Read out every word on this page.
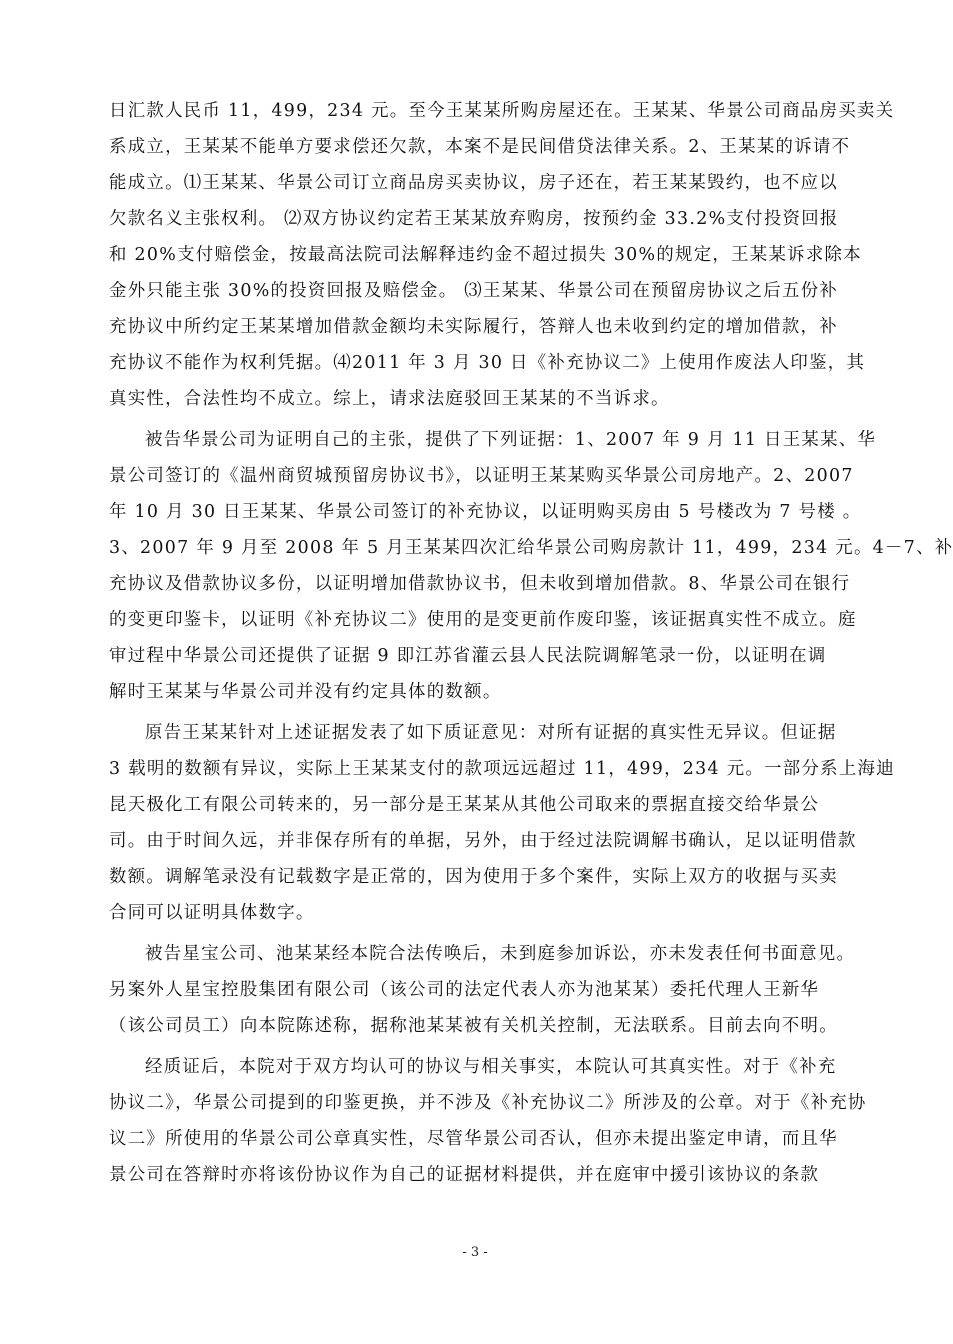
日汇款人民币 11，499，234 元。至今王某某所购房屋还在。王某某、华景公司商品房买卖关
系成立，王某某不能单方要求偿还欠款，本案不是民间借贷法律关系。2、王某某的诉请不
能成立。⑴王某某、华景公司订立商品房买卖协议，房子还在，若王某某毁约，也不应以
欠款名义主张权利。 ⑵双方协议约定若王某某放弃购房，按预约金 33.2%支付投资回报
和 20%支付赔偿金，按最高法院司法解释违约金不超过损失 30%的规定，王某某诉求除本
金外只能主张 30%的投资回报及赔偿金。 ⑶王某某、华景公司在预留房协议之后五份补
充协议中所约定王某某增加借款金额均未实际履行，答辩人也未收到约定的增加借款，补
充协议不能作为权利凭据。⑷2011 年 3 月 30 日《补充协议二》上使用作废法人印鉴，其
真实性，合法性均不成立。综上，请求法庭驳回王某某的不当诉求。
被告华景公司为证明自己的主张，提供了下列证据：1、2007 年 9 月 11 日王某某、华
景公司签订的《温州商贸城预留房协议书》，以证明王某某购买华景公司房地产。2、2007
年 10 月 30 日王某某、华景公司签订的补充协议，以证明购买房由 5 号楼改为 7 号楼 。
3、2007 年 9 月至 2008 年 5 月王某某四次汇给华景公司购房款计 11，499，234 元。4－7、补
充协议及借款协议多份，以证明增加借款协议书，但未收到增加借款。8、华景公司在银行
的变更印鉴卡，以证明《补充协议二》使用的是变更前作废印鉴，该证据真实性不成立。庭
审过程中华景公司还提供了证据 9 即江苏省灌云县人民法院调解笔录一份，以证明在调
解时王某某与华景公司并没有约定具体的数额。
原告王某某针对上述证据发表了如下质证意见：对所有证据的真实性无异议。但证据
3 载明的数额有异议，实际上王某某支付的款项远远超过 11，499，234 元。一部分系上海迪
昆天极化工有限公司转来的，另一部分是王某某从其他公司取来的票据直接交给华景公
司。由于时间久远，并非保存所有的单据，另外，由于经过法院调解书确认，足以证明借款
数额。调解笔录没有记载数字是正常的，因为使用于多个案件，实际上双方的收据与买卖
合同可以证明具体数字。
被告星宝公司、池某某经本院合法传唤后，未到庭参加诉讼，亦未发表任何书面意见。
另案外人星宝控股集团有限公司（该公司的法定代表人亦为池某某）委托代理人王新华
（该公司员工）向本院陈述称，据称池某某被有关机关控制，无法联系。目前去向不明。
经质证后，本院对于双方均认可的协议与相关事实，本院认可其真实性。对于《补充
协议二》，华景公司提到的印鉴更换，并不涉及《补充协议二》所涉及的公章。对于《补充协
议二》所使用的华景公司公章真实性，尽管华景公司否认，但亦未提出鉴定申请，而且华
景公司在答辩时亦将该份协议作为自己的证据材料提供，并在庭审中援引该协议的条款
- 3 -
